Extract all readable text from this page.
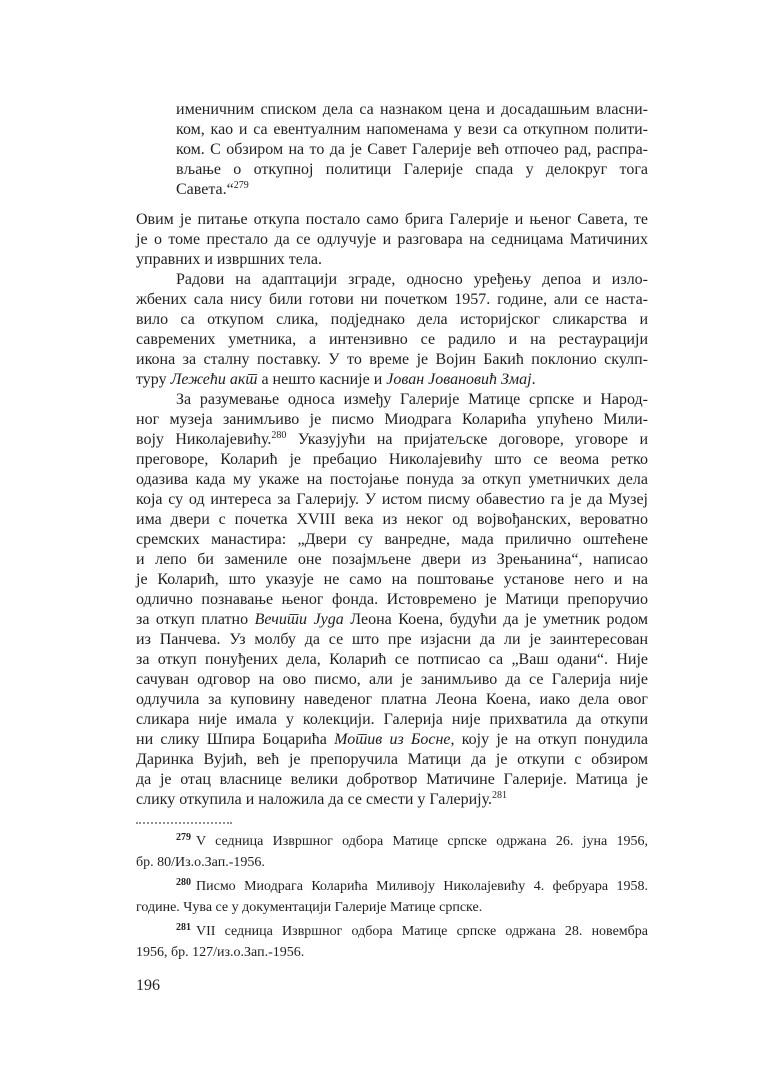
именичним списком дела са назнаком цена и досадашњим власни-
ком, као и са евентуалним напоменама у вези са откупном полити-
ком. С обзиром на то да је Савет Галерије већ отпочео рад, распра-
вљање о откупној политици Галерије спада у делокруг тога Савета.“$^{279}$
Овим је питање откупа постало само брига Галерије и њеног Савета, те
је о томе престало да се одлучује и разговара на седницама Матичиних
управних и извршних тела.
Радови на адаптацији зграде, односно уређењу депоа и изло-
жбених сала нису били готови ни почетком 1957. године, али се наста-
вило са откупом слика, подједнако дела историјског сликарства и
савремених уметника, а интензивно се радило и на рестаурацији
икона за сталну поставку. У то време је Војин Бакић поклонио скулп-
туру Лежећи акт а нешто касније и Јован Јовановић Змај.
За разумевање односа између Галерије Матице српске и Народ-
ног музеја занимљиво је писмо Миодрага Коларића упућено Мили-
воју Николајевићу.$^{280}$ Указујући на пријатељске договоре, уговоре и
преговоре, Коларић је пребацио Николајевићу што се веома ретко
одазива када му укаже на постојање понуда за откуп уметничких дела
која су од интереса за Галерију. У истом писму обавестио га је да Музеј
има двери с почетка XVIII века из неког од војвођанских, вероватно
сремских манастира: „Двери су ванредне, мада прилично оштећене
и лепо би замениле оне позајмљене двери из Зрењанина“, написао
је Коларић, што указује не само на поштовање установе него и на
одлично познавање њеног фонда. Истовремено је Матици препоручио
за откуп платно Вечити Јуда Леона Коена, будући да је уметник родом
из Панчева. Уз молбу да се што пре изјасни да ли је заинтересован
за откуп понуђених дела, Коларић се потписао са „Ваш одани“. Није
сачуван одговор на ово писмо, али је занимљиво да се Галерија није
одлучила за куповину наведеног платна Леона Коена, иако дела овог
сликара није имала у колекцији. Галерија није прихватила да откупи
ни слику Шпира Боцарића Мотив из Босне, коју је на откуп понудила
Даринка Вујић, већ је препоручила Матици да је откупи с обзиром
да је отац власнице велики добротвор Матичине Галерије. Матица је
слику откупила и наложила да се смести у Галерију.$^{281}$
$^{279}$ V седница Извршног одбора Матице српске одржана 26. јуна 1956,
бр. 80/Из.о.Зап.-1956.
$^{280}$ Писмо Миодрага Коларића Миливоју Николајевићу 4. фебруара 1958.
године. Чува се у документацији Галерије Матице српске.
$^{281}$ VII седница Извршног одбора Матице српске одржана 28. новембра
1956, бр. 127/из.о.Зап.-1956.
196
